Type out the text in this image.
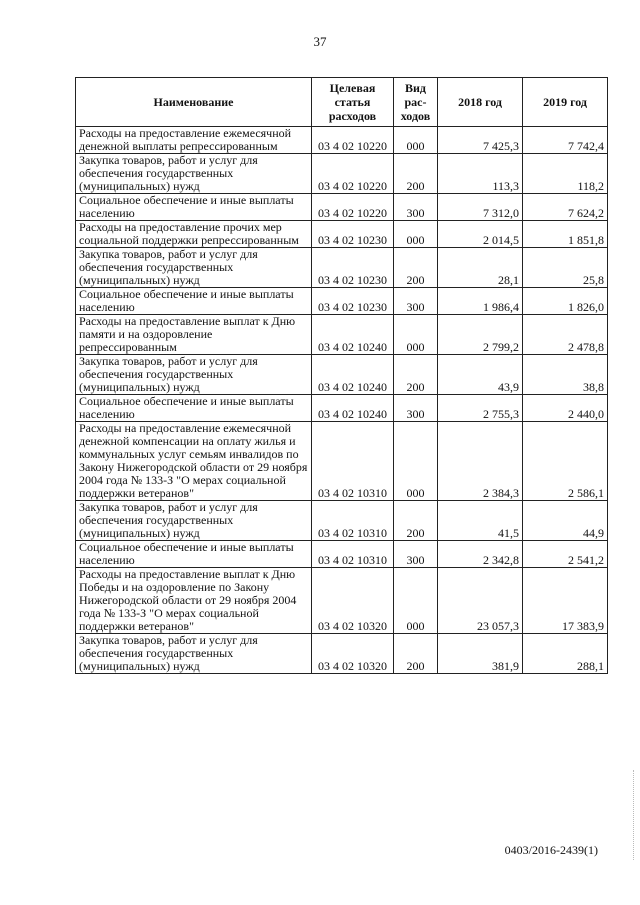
37
Наименование	Целевая статья расходов	Вид рас- ходов	2018 год	2019 год
Расходы на предоставление ежемесячной денежной выплаты репрессированным	03 4 02 10220	000	7 425,3	7 742,4
Закупка товаров, работ и услуг для обеспечения государственных (муниципальных) нужд	03 4 02 10220	200	113,3	118,2
Социальное обеспечение и иные выплаты населению	03 4 02 10220	300	7 312,0	7 624,2
Расходы на предоставление прочих мер социальной поддержки репрессированным	03 4 02 10230	000	2 014,5	1 851,8
Закупка товаров, работ и услуг для обеспечения государственных (муниципальных) нужд	03 4 02 10230	200	28,1	25,8
Социальное обеспечение и иные выплаты населению	03 4 02 10230	300	1 986,4	1 826,0
Расходы на предоставление выплат к Дню памяти и на оздоровление репрессированным	03 4 02 10240	000	2 799,2	2 478,8
Закупка товаров, работ и услуг для обеспечения государственных (муниципальных) нужд	03 4 02 10240	200	43,9	38,8
Социальное обеспечение и иные выплаты населению	03 4 02 10240	300	2 755,3	2 440,0
Расходы на предоставление ежемесячной денежной компенсации на оплату жилья и коммунальных услуг семьям инвалидов по Закону Нижегородской области от 29 ноября 2004 года № 133-З "О мерах социальной поддержки ветеранов"	03 4 02 10310	000	2 384,3	2 586,1
Закупка товаров, работ и услуг для обеспечения государственных (муниципальных) нужд	03 4 02 10310	200	41,5	44,9
Социальное обеспечение и иные выплаты населению	03 4 02 10310	300	2 342,8	2 541,2
Расходы на предоставление выплат к Дню Победы и на оздоровление по Закону Нижегородской области от 29 ноября 2004 года № 133-З "О мерах социальной поддержки ветеранов"	03 4 02 10320	000	23 057,3	17 383,9
Закупка товаров, работ и услуг для обеспечения государственных (муниципальных) нужд	03 4 02 10320	200	381,9	288,1
0403/2016-2439(1)
